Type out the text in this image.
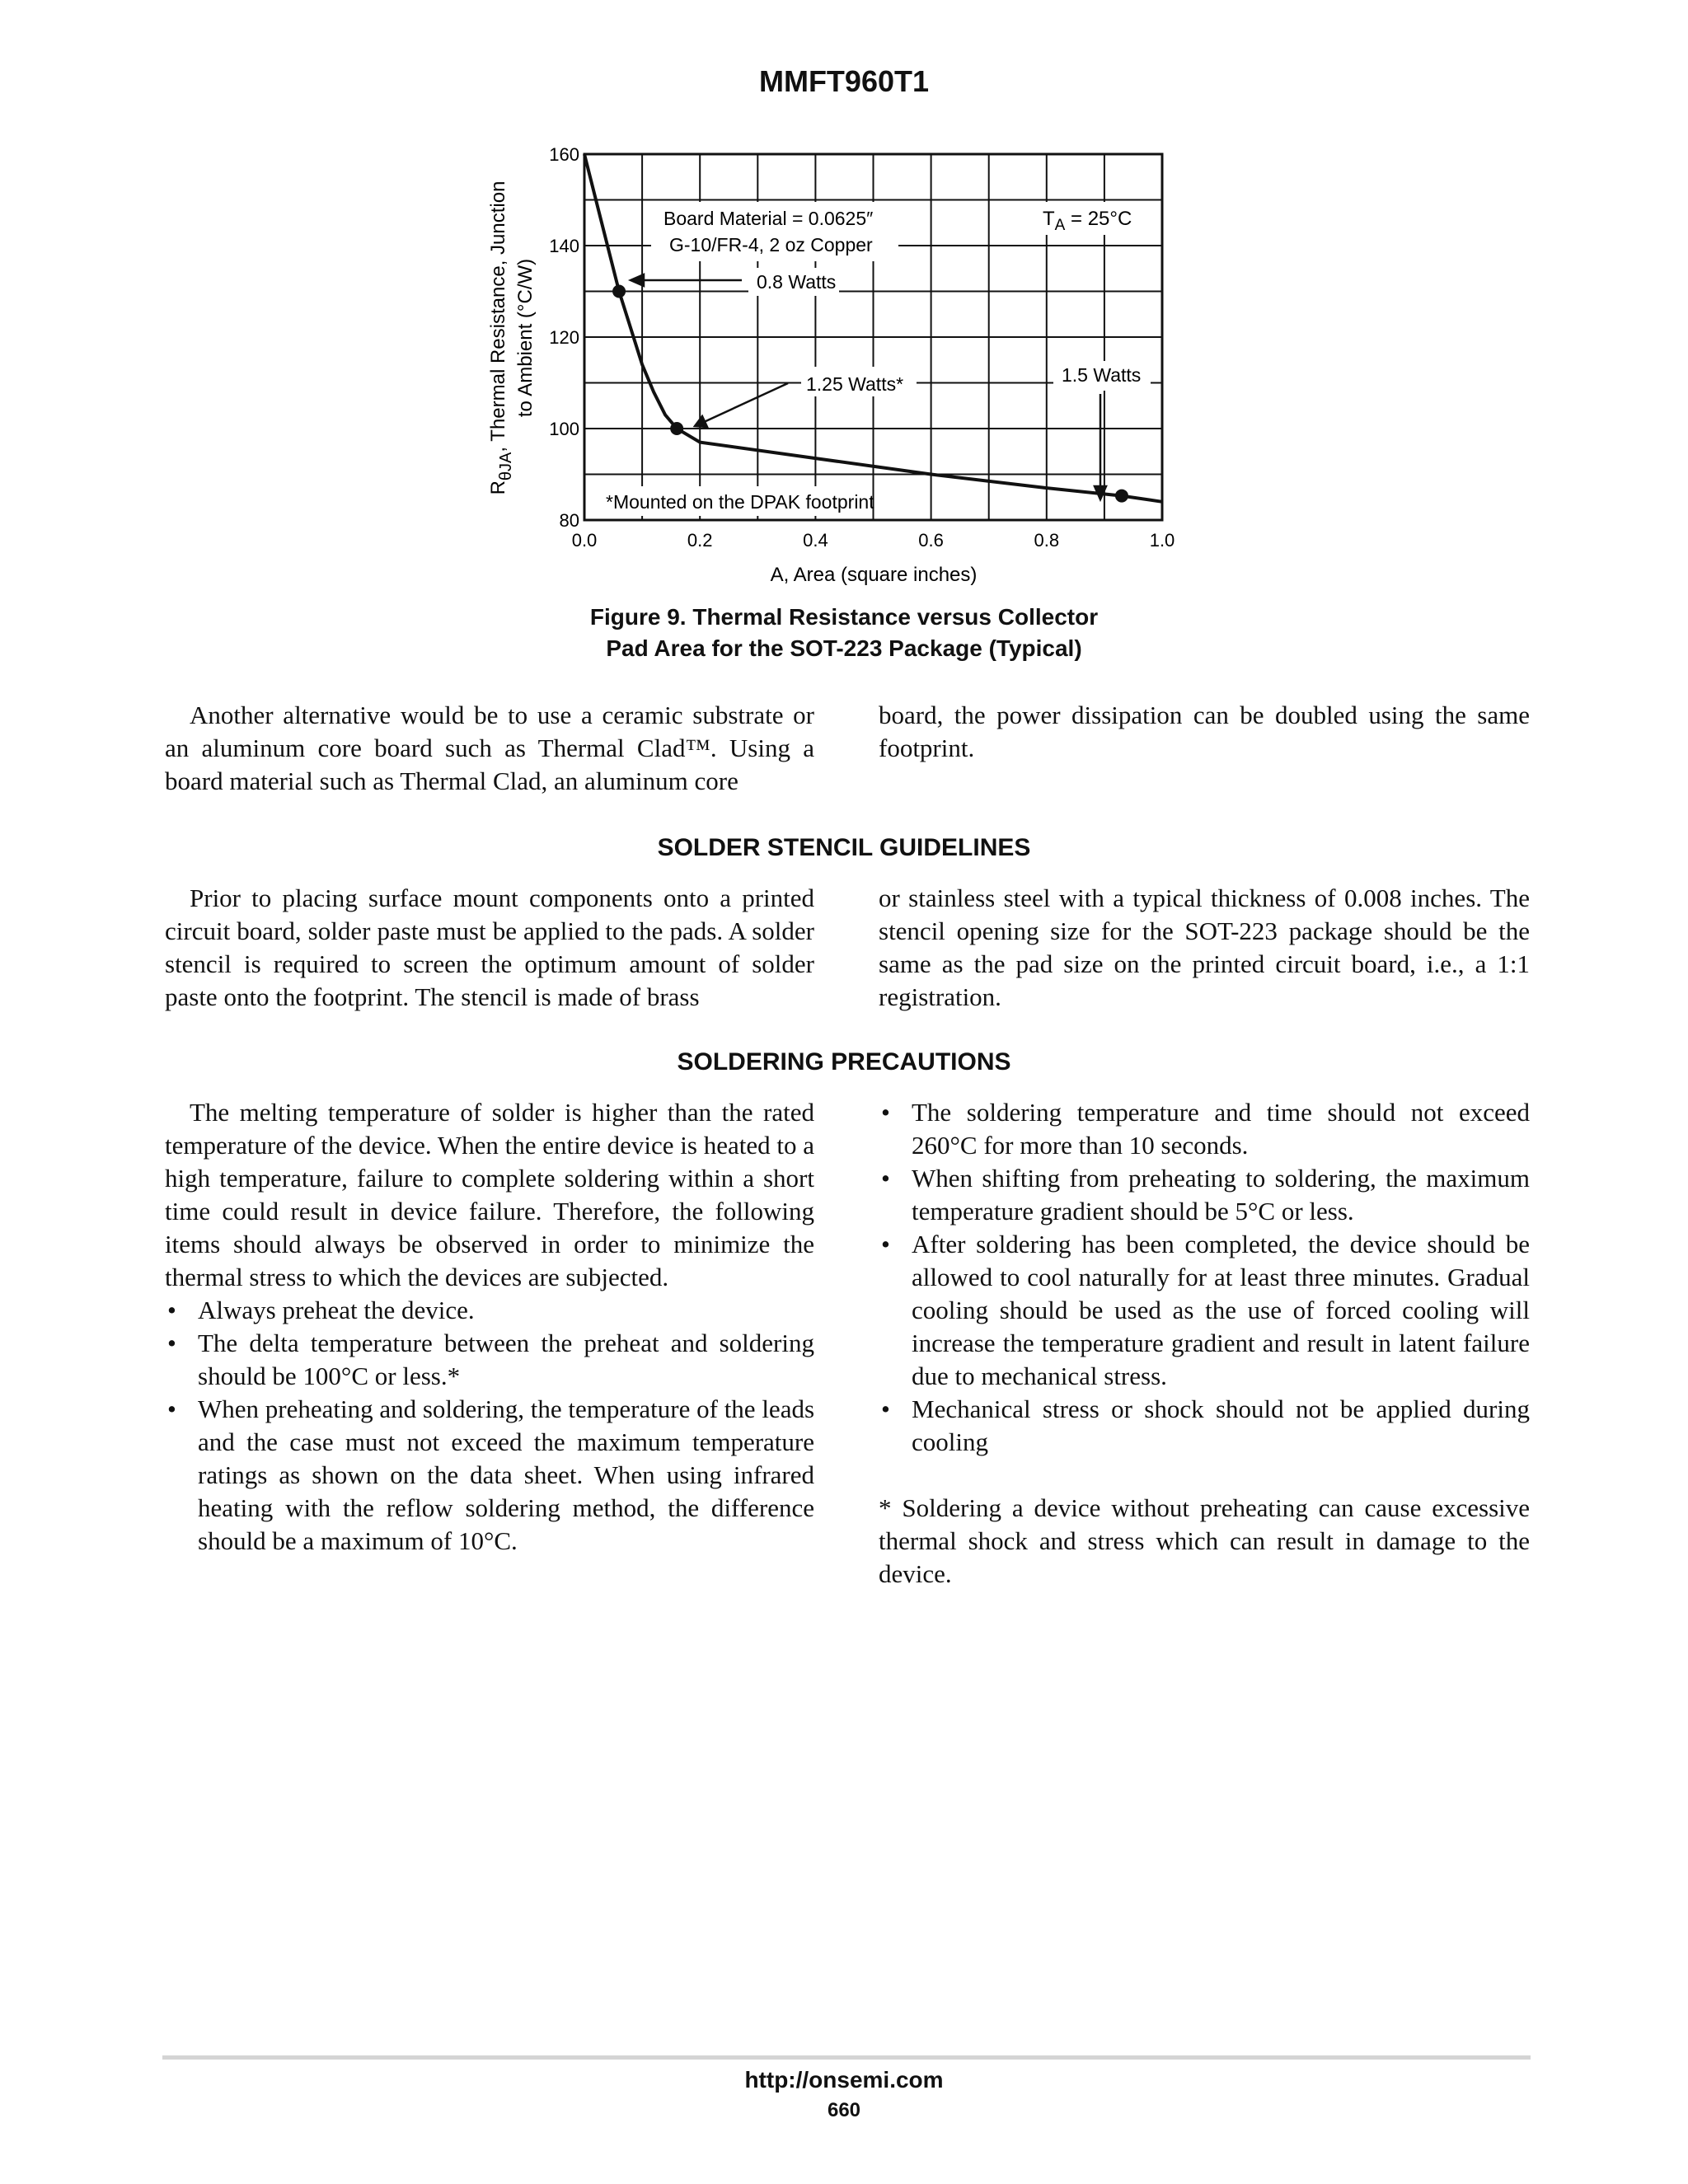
MMFT960T1
80
100
120
140
160
0.0	0.2	0.4	0.6	0.8	1.0
Board Material = 0.0625″
G-10/FR-4, 2 oz Copper
$T_A = 25^\circ C$
0.8 Watts
1.25 Watts*	1.5 Watts
*Mounted on the DPAK footprint
A, Area (square inches)
$R_{\theta JA}$, Thermal Resistance, Junction to Ambient (°C/W)
Figure 9. Thermal Resistance versus Collector
Pad Area for the SOT-223 Package (Typical)

Another alternative would be to use a ceramic substrate or an aluminum core board such as Thermal Clad™. Using a board material such as Thermal Clad, an aluminum core

board, the power dissipation can be doubled using the same footprint.

SOLDER STENCIL GUIDELINES

Prior to placing surface mount components onto a printed circuit board, solder paste must be applied to the pads. A solder stencil is required to screen the optimum amount of solder paste onto the footprint. The stencil is made of brass

or stainless steel with a typical thickness of 0.008 inches. The stencil opening size for the SOT-223 package should be the same as the pad size on the printed circuit board, i.e., a 1:1 registration.

SOLDERING PRECAUTIONS

The melting temperature of solder is higher than the rated temperature of the device. When the entire device is heated to a high temperature, failure to complete soldering within a short time could result in device failure. Therefore, the following items should always be observed in order to minimize the thermal stress to which the devices are subjected.

• Always preheat the device.
• The delta temperature between the preheat and soldering should be 100°C or less.*
• When preheating and soldering, the temperature of the leads and the case must not exceed the maximum temperature ratings as shown on the data sheet. When using infrared heating with the reflow soldering method, the difference should be a maximum of 10°C.
• The soldering temperature and time should not exceed 260°C for more than 10 seconds.
• When shifting from preheating to soldering, the maximum temperature gradient should be 5°C or less.
• After soldering has been completed, the device should be allowed to cool naturally for at least three minutes. Gradual cooling should be used as the use of forced cooling will increase the temperature gradient and result in latent failure due to mechanical stress.
• Mechanical stress or shock should not be applied during cooling

* Soldering a device without preheating can cause excessive thermal shock and stress which can result in damage to the device.

http://onsemi.com
660
